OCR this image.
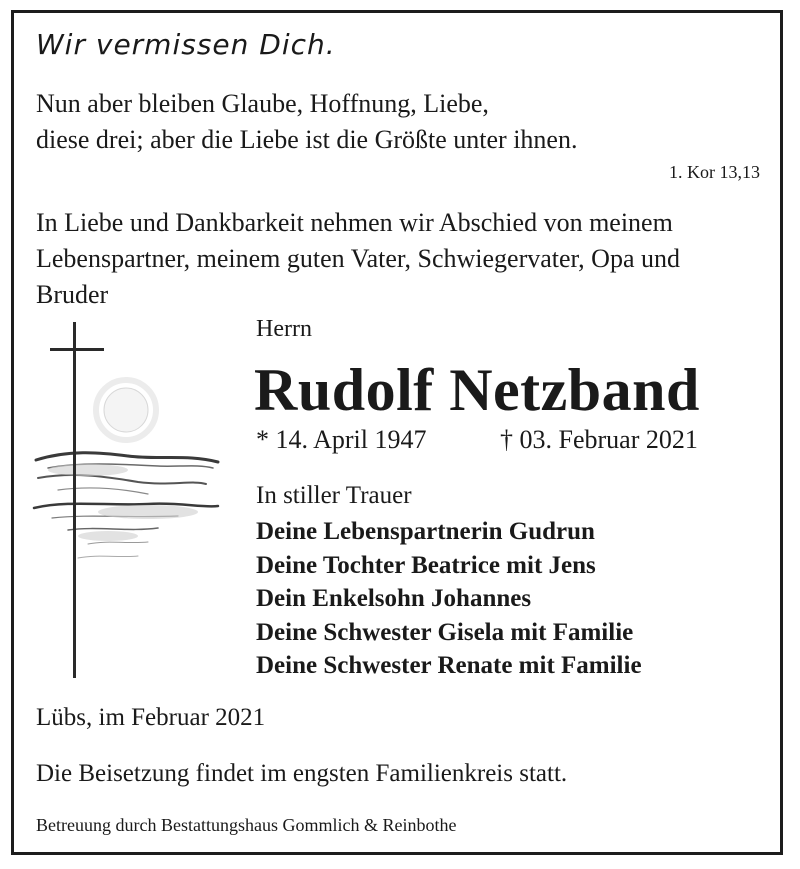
Wir vermissen Dich.
Nun aber bleiben Glaube, Hoffnung, Liebe,
diese drei; aber die Liebe ist die Größte unter ihnen.
1. Kor 13,13
In Liebe und Dankbarkeit nehmen wir Abschied von meinem
Lebenspartner, meinem guten Vater, Schwiegervater, Opa und
Bruder
Herrn
Rudolf Netzband
* 14. April 1947	† 03. Februar 2021
In stiller Trauer
Deine Lebenspartnerin Gudrun
Deine Tochter Beatrice mit Jens
Dein Enkelsohn Johannes
Deine Schwester Gisela mit Familie
Deine Schwester Renate mit Familie
Lübs, im Februar 2021
Die Beisetzung findet im engsten Familienkreis statt.
Betreuung durch Bestattungshaus Gommlich & Reinbothe
